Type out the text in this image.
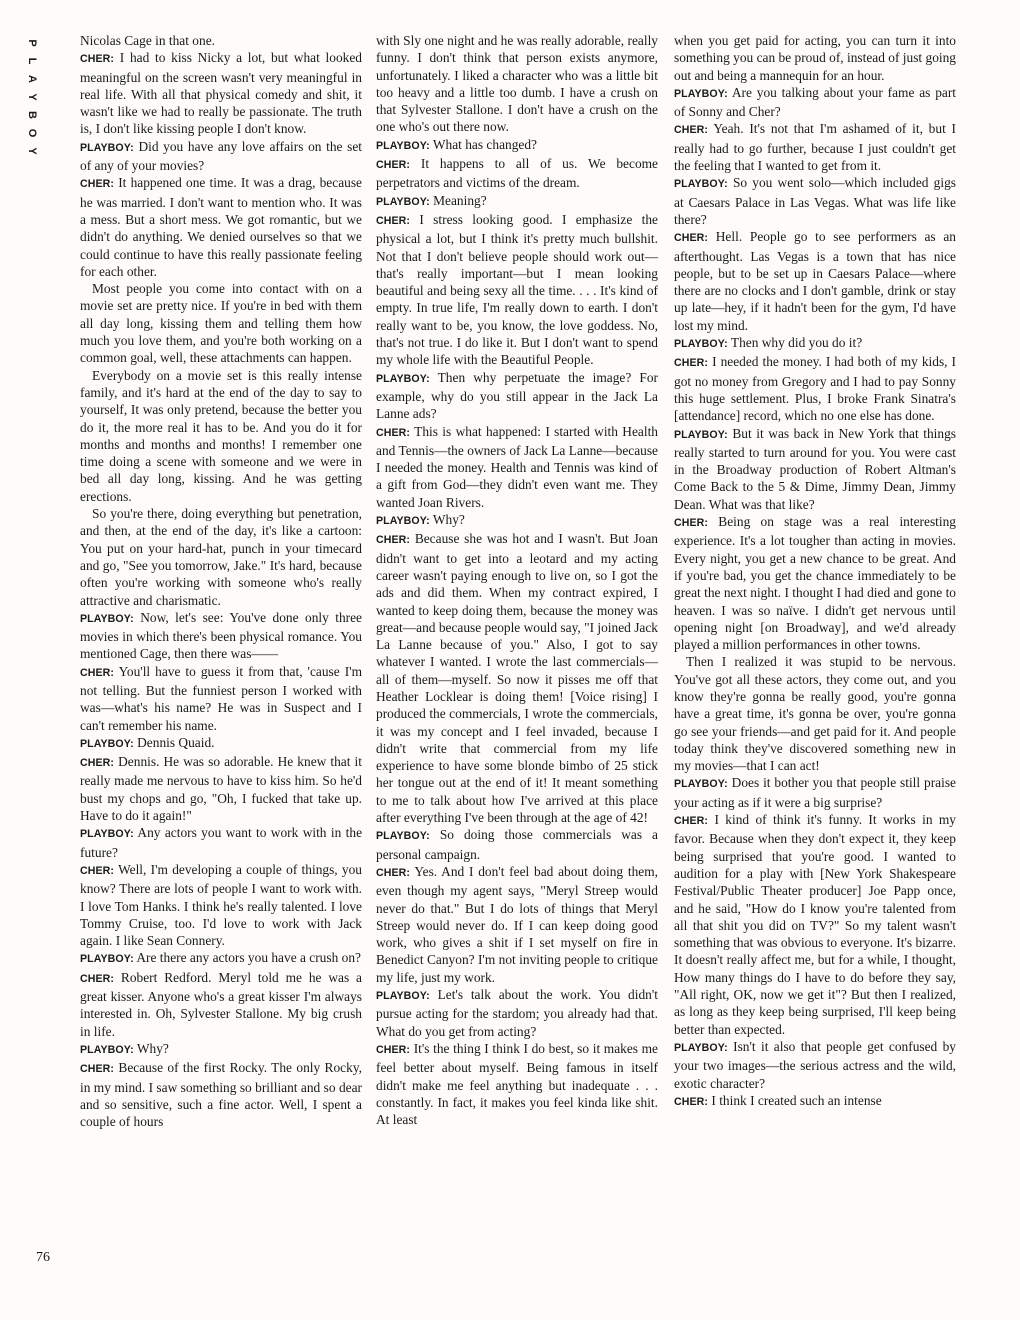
P
L
A
Y
B
O
Y
Nicolas Cage in that one.
CHER: I had to kiss Nicky a lot, but what looked meaningful on the screen wasn't very meaningful in real life. With all that physical comedy and shit, it wasn't like we had to really be passionate. The truth is, I don't like kissing people I don't know.
PLAYBOY: Did you have any love affairs on the set of any of your movies?
CHER: It happened one time. It was a drag, because he was married. I don't want to mention who. It was a mess. But a short mess. We got romantic, but we didn't do anything. We denied ourselves so that we could continue to have this really passionate feeling for each other.
Most people you come into contact with on a movie set are pretty nice. If you're in bed with them all day long, kissing them and telling them how much you love them, and you're both working on a common goal, well, these attachments can happen.
Everybody on a movie set is this really intense family, and it's hard at the end of the day to say to yourself, It was only pretend, because the better you do it, the more real it has to be. And you do it for months and months and months! I remember one time doing a scene with someone and we were in bed all day long, kissing. And he was getting erections.
So you're there, doing everything but penetration, and then, at the end of the day, it's like a cartoon: You put on your hard-hat, punch in your timecard and go, "See you tomorrow, Jake." It's hard, because often you're working with someone who's really attractive and charismatic.
PLAYBOY: Now, let's see: You've done only three movies in which there's been physical romance. You mentioned Cage, then there was——
CHER: You'll have to guess it from that, 'cause I'm not telling. But the funniest person I worked with was—what's his name? He was in Suspect and I can't remember his name.
PLAYBOY: Dennis Quaid.
CHER: Dennis. He was so adorable. He knew that it really made me nervous to have to kiss him. So he'd bust my chops and go, "Oh, I fucked that take up. Have to do it again!"
PLAYBOY: Any actors you want to work with in the future?
CHER: Well, I'm developing a couple of things, you know? There are lots of people I want to work with. I love Tom Hanks. I think he's really talented. I love Tommy Cruise, too. I'd love to work with Jack again. I like Sean Connery.
PLAYBOY: Are there any actors you have a crush on?
CHER: Robert Redford. Meryl told me he was a great kisser. Anyone who's a great kisser I'm always interested in. Oh, Sylvester Stallone. My big crush in life.
PLAYBOY: Why?
CHER: Because of the first Rocky. The only Rocky, in my mind. I saw something so brilliant and so dear and so sensitive, such a fine actor. Well, I spent a couple of hours
with Sly one night and he was really adorable, really funny. I don't think that person exists anymore, unfortunately. I liked a character who was a little bit too heavy and a little too dumb. I have a crush on that Sylvester Stallone. I don't have a crush on the one who's out there now.
PLAYBOY: What has changed?
CHER: It happens to all of us. We become perpetrators and victims of the dream.
PLAYBOY: Meaning?
CHER: I stress looking good. I emphasize the physical a lot, but I think it's pretty much bullshit. Not that I don't believe people should work out—that's really important—but I mean looking beautiful and being sexy all the time. . . . It's kind of empty. In true life, I'm really down to earth. I don't really want to be, you know, the love goddess. No, that's not true. I do like it. But I don't want to spend my whole life with the Beautiful People.
PLAYBOY: Then why perpetuate the image? For example, why do you still appear in the Jack La Lanne ads?
CHER: This is what happened: I started with Health and Tennis—the owners of Jack La Lanne—because I needed the money. Health and Tennis was kind of a gift from God—they didn't even want me. They wanted Joan Rivers.
PLAYBOY: Why?
CHER: Because she was hot and I wasn't. But Joan didn't want to get into a leotard and my acting career wasn't paying enough to live on, so I got the ads and did them. When my contract expired, I wanted to keep doing them, because the money was great—and because people would say, "I joined Jack La Lanne because of you." Also, I got to say whatever I wanted. I wrote the last commercials—all of them—myself. So now it pisses me off that Heather Locklear is doing them! [Voice rising] I produced the commercials, I wrote the commercials, it was my concept and I feel invaded, because I didn't write that commercial from my life experience to have some blonde bimbo of 25 stick her tongue out at the end of it! It meant something to me to talk about how I've arrived at this place after everything I've been through at the age of 42!
PLAYBOY: So doing those commercials was a personal campaign.
CHER: Yes. And I don't feel bad about doing them, even though my agent says, "Meryl Streep would never do that." But I do lots of things that Meryl Streep would never do. If I can keep doing good work, who gives a shit if I set myself on fire in Benedict Canyon? I'm not inviting people to critique my life, just my work.
PLAYBOY: Let's talk about the work. You didn't pursue acting for the stardom; you already had that. What do you get from acting?
CHER: It's the thing I think I do best, so it makes me feel better about myself. Being famous in itself didn't make me feel anything but inadequate . . . constantly. In fact, it makes you feel kinda like shit. At least
when you get paid for acting, you can turn it into something you can be proud of, instead of just going out and being a mannequin for an hour.
PLAYBOY: Are you talking about your fame as part of Sonny and Cher?
CHER: Yeah. It's not that I'm ashamed of it, but I really had to go further, because I just couldn't get the feeling that I wanted to get from it.
PLAYBOY: So you went solo—which included gigs at Caesars Palace in Las Vegas. What was life like there?
CHER: Hell. People go to see performers as an afterthought. Las Vegas is a town that has nice people, but to be set up in Caesars Palace—where there are no clocks and I don't gamble, drink or stay up late—hey, if it hadn't been for the gym, I'd have lost my mind.
PLAYBOY: Then why did you do it?
CHER: I needed the money. I had both of my kids, I got no money from Gregory and I had to pay Sonny this huge settlement. Plus, I broke Frank Sinatra's [attendance] record, which no one else has done.
PLAYBOY: But it was back in New York that things really started to turn around for you. You were cast in the Broadway production of Robert Altman's Come Back to the 5 & Dime, Jimmy Dean, Jimmy Dean. What was that like?
CHER: Being on stage was a real interesting experience. It's a lot tougher than acting in movies. Every night, you get a new chance to be great. And if you're bad, you get the chance immediately to be great the next night. I thought I had died and gone to heaven. I was so naïve. I didn't get nervous until opening night [on Broadway], and we'd already played a million performances in other towns.
Then I realized it was stupid to be nervous. You've got all these actors, they come out, and you know they're gonna be really good, you're gonna have a great time, it's gonna be over, you're gonna go see your friends—and get paid for it. And people today think they've discovered something new in my movies—that I can act!
PLAYBOY: Does it bother you that people still praise your acting as if it were a big surprise?
CHER: I kind of think it's funny. It works in my favor. Because when they don't expect it, they keep being surprised that you're good. I wanted to audition for a play with [New York Shakespeare Festival/Public Theater producer] Joe Papp once, and he said, "How do I know you're talented from all that shit you did on TV?" So my talent wasn't something that was obvious to everyone. It's bizarre. It doesn't really affect me, but for a while, I thought, How many things do I have to do before they say, "All right, OK, now we get it"? But then I realized, as long as they keep being surprised, I'll keep being better than expected.
PLAYBOY: Isn't it also that people get confused by your two images—the serious actress and the wild, exotic character?
CHER: I think I created such an intense
76
